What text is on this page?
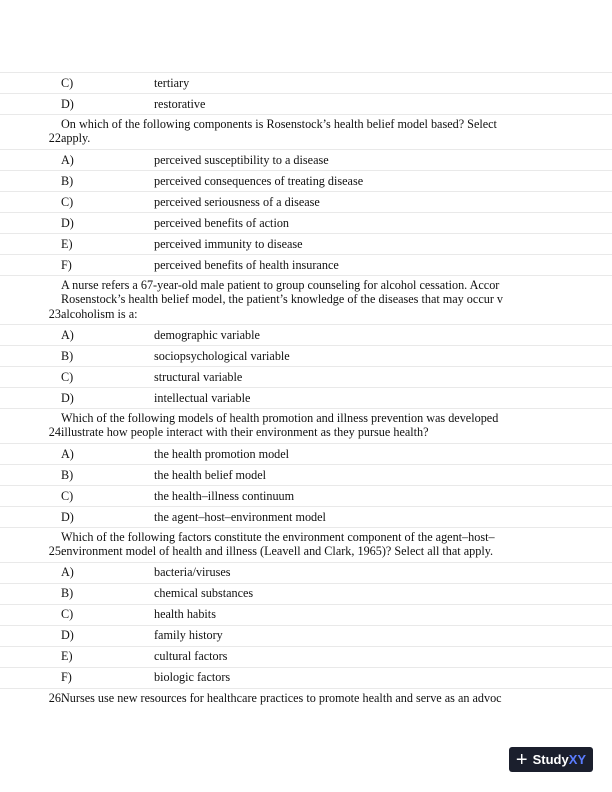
C)	tertiary
D)	restorative
22.
On which of the following components is Rosenstock’s health belief model based? Select
apply.
A)	perceived susceptibility to a disease
B)	perceived consequences of treating disease
C)	perceived seriousness of a disease
D)	perceived benefits of action
E)	perceived immunity to disease
F)	perceived benefits of health insurance
23.
A nurse refers a 67-year-old male patient to group counseling for alcohol cessation. Accor
Rosenstock’s health belief model, the patient’s knowledge of the diseases that may occur v
alcoholism is a:
A)	demographic variable
B)	sociopsychological variable
C)	structural variable
D)	intellectual variable
24.
Which of the following models of health promotion and illness prevention was developed
illustrate how people interact with their environment as they pursue health?
A)	the health promotion model
B)	the health belief model
C)	the health–illness continuum
D)	the agent–host–environment model
25.
Which of the following factors constitute the environment component of the agent–host–
environment model of health and illness (Leavell and Clark, 1965)? Select all that apply.
A)	bacteria/viruses
B)	chemical substances
C)	health habits
D)	family history
E)	cultural factors
F)	biologic factors
26.
Nurses use new resources for healthcare practices to promote health and serve as an advoc
+ Study XY
